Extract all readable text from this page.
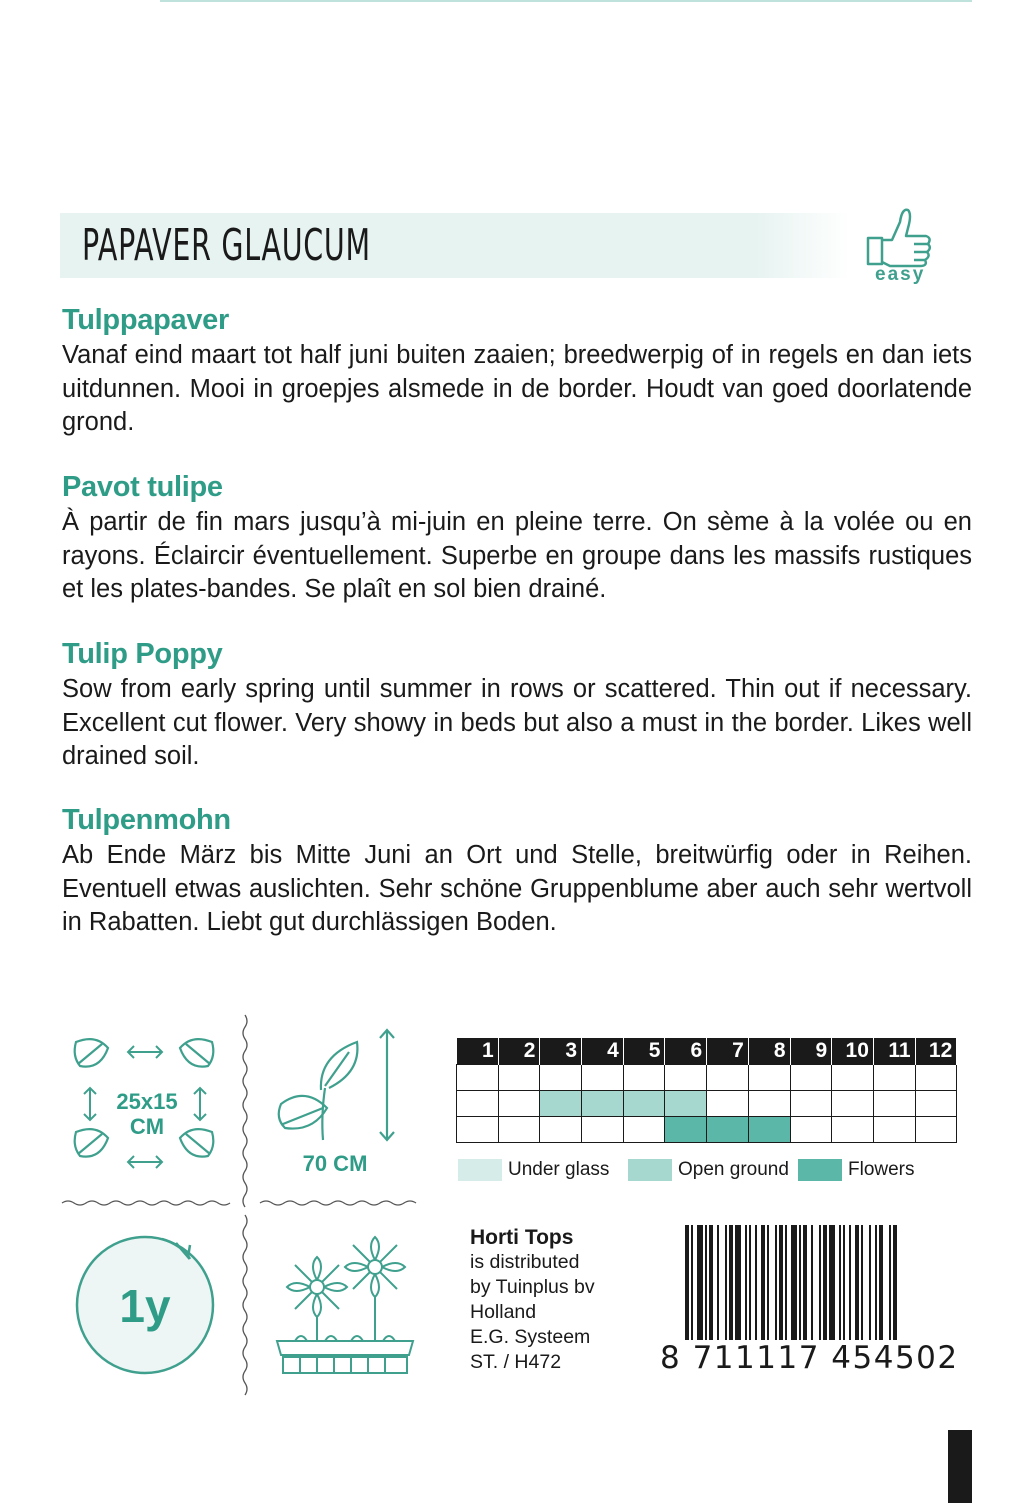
PAPAVER GLAUCUM
easy
Tulppapaver

Vanaf eind maart tot half juni buiten zaaien; breedwerpig of in regels en dan iets uitdunnen. Mooi in groepjes alsmede in de border. Houdt van goed doorlatende grond.

Pavot tulipe

À partir de fin mars jusqu’à mi-juin en pleine terre. On sème à la volée ou en rayons. Éclaircir éventuellement. Superbe en groupe dans les massifs rustiques et les plates-bandes. Se plaît en sol bien drainé.

Tulip Poppy

Sow from early spring until summer in rows or scattered. Thin out if necessary. Excellent cut flower. Very showy in beds but also a must in the border. Likes well drained soil.

Tulpenmohn

Ab Ende März bis Mitte Juni an Ort und Stelle, breitwürfig oder in Reihen. Eventuell etwas auslichten. Sehr schöne Gruppenblume aber auch sehr wertvoll in Rabatten. Liebt gut durchlässigen Boden.

25x15
CM
70 CM
1y
1	2	3	4	5	6	7	8	9	10	11	12

Under glass	Open ground	Flowers
Horti Tops
is distributed
by Tuinplus bv
Holland
E.G. Systeem
ST. / H472	8 711117 454502
